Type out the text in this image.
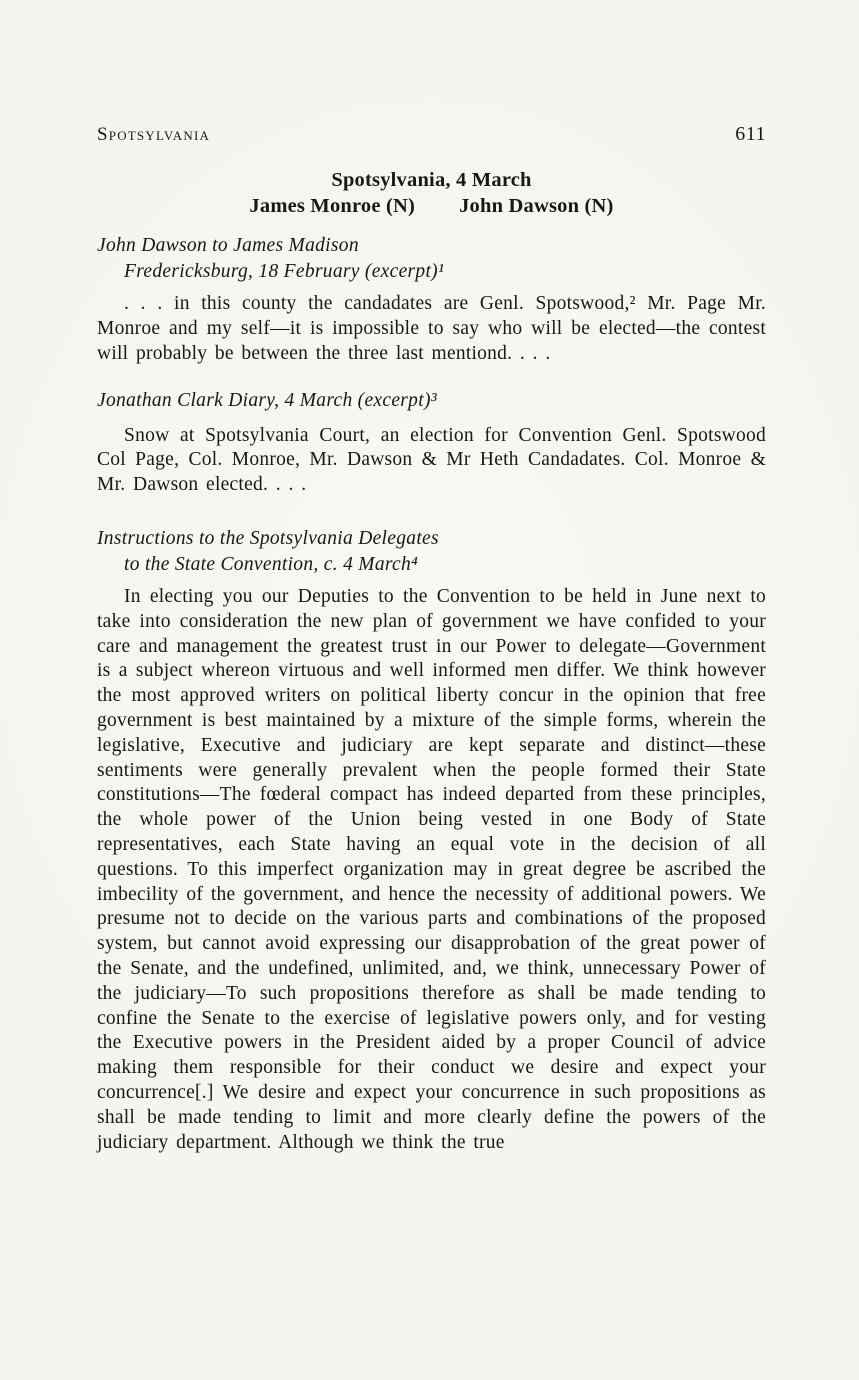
Spotsylvania	611
Spotsylvania, 4 March
James Monroe (N) John Dawson (N)
John Dawson to James Madison
Fredericksburg, 18 February (excerpt)¹

. . . in this county the candadates are Genl. Spotswood,² Mr. Page Mr. Monroe and my self—it is impossible to say who will be elected—the contest will probably be between the three last mentiond. . . .

Jonathan Clark Diary, 4 March (excerpt)³

Snow at Spotsylvania Court, an election for Convention Genl. Spotswood Col Page, Col. Monroe, Mr. Dawson & Mr Heth Candadates. Col. Monroe & Mr. Dawson elected. . . .

Instructions to the Spotsylvania Delegates
to the State Convention, c. 4 March⁴

In electing you our Deputies to the Convention to be held in June next to take into consideration the new plan of government we have confided to your care and management the greatest trust in our Power to delegate—Government is a subject whereon virtuous and well informed men differ. We think however the most approved writers on political liberty concur in the opinion that free government is best maintained by a mixture of the simple forms, wherein the legislative, Executive and judiciary are kept separate and distinct—these sentiments were generally prevalent when the people formed their State constitutions—The fœderal compact has indeed departed from these principles, the whole power of the Union being vested in one Body of State representatives, each State having an equal vote in the decision of all questions. To this imperfect organization may in great degree be ascribed the imbecility of the government, and hence the necessity of additional powers. We presume not to decide on the various parts and combinations of the proposed system, but cannot avoid expressing our disapprobation of the great power of the Senate, and the undefined, unlimited, and, we think, unnecessary Power of the judiciary—To such propositions therefore as shall be made tending to confine the Senate to the exercise of legislative powers only, and for vesting the Executive powers in the President aided by a proper Council of advice making them responsible for their conduct we desire and expect your concurrence[.] We desire and expect your concurrence in such propositions as shall be made tending to limit and more clearly define the powers of the judiciary department. Although we think the true
